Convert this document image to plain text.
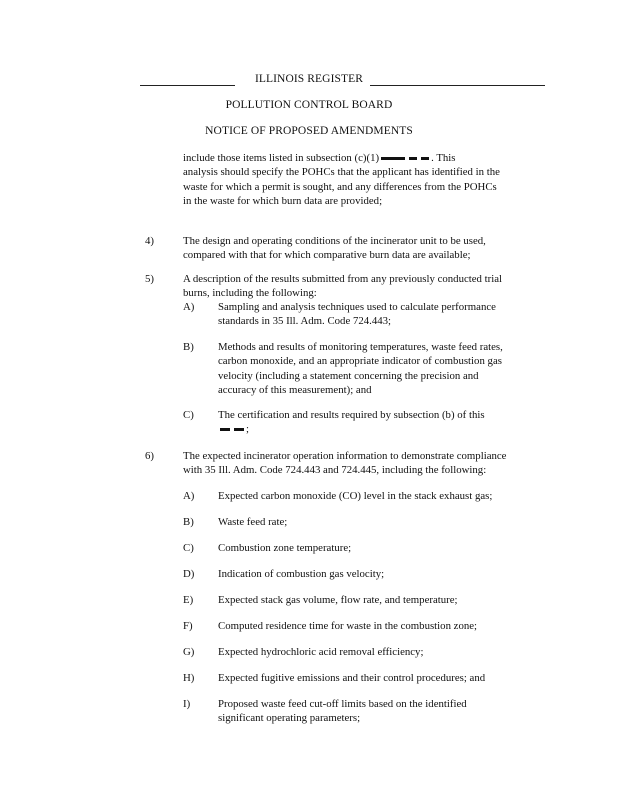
ILLINOIS REGISTER
POLLUTION CONTROL BOARD
NOTICE OF PROPOSED AMENDMENTS
include those items listed in subsection (c)(1)	. This
analysis should specify the POHCs that the applicant has identified in the
waste for which a permit is sought, and any differences from the POHCs
in the waste for which burn data are provided;
4)	The design and operating conditions of the incinerator unit to be used,
compared with that for which comparative burn data are available;
5)	A description of the results submitted from any previously conducted trial
burns, including the following:
A) Sampling and analysis techniques used to calculate performance
standards in 35 Ill. Adm. Code 724.443;
B) Methods and results of monitoring temperatures, waste feed rates,
carbon monoxide, and an appropriate indicator of combustion gas
velocity (including a statement concerning the precision and
accuracy of this measurement); and
C) The certification and results required by subsection (b) of this
;
6)	The expected incinerator operation information to demonstrate compliance
with 35 Ill. Adm. Code 724.443 and 724.445, including the following:
A) Expected carbon monoxide (CO) level in the stack exhaust gas;
B) Waste feed rate;
C) Combustion zone temperature;
D) Indication of combustion gas velocity;
E) Expected stack gas volume, flow rate, and temperature;
F) Computed residence time for waste in the combustion zone;
G) Expected hydrochloric acid removal efficiency;
H) Expected fugitive emissions and their control procedures; and
I)	Proposed waste feed cut-off limits based on the identified
significant operating parameters;
